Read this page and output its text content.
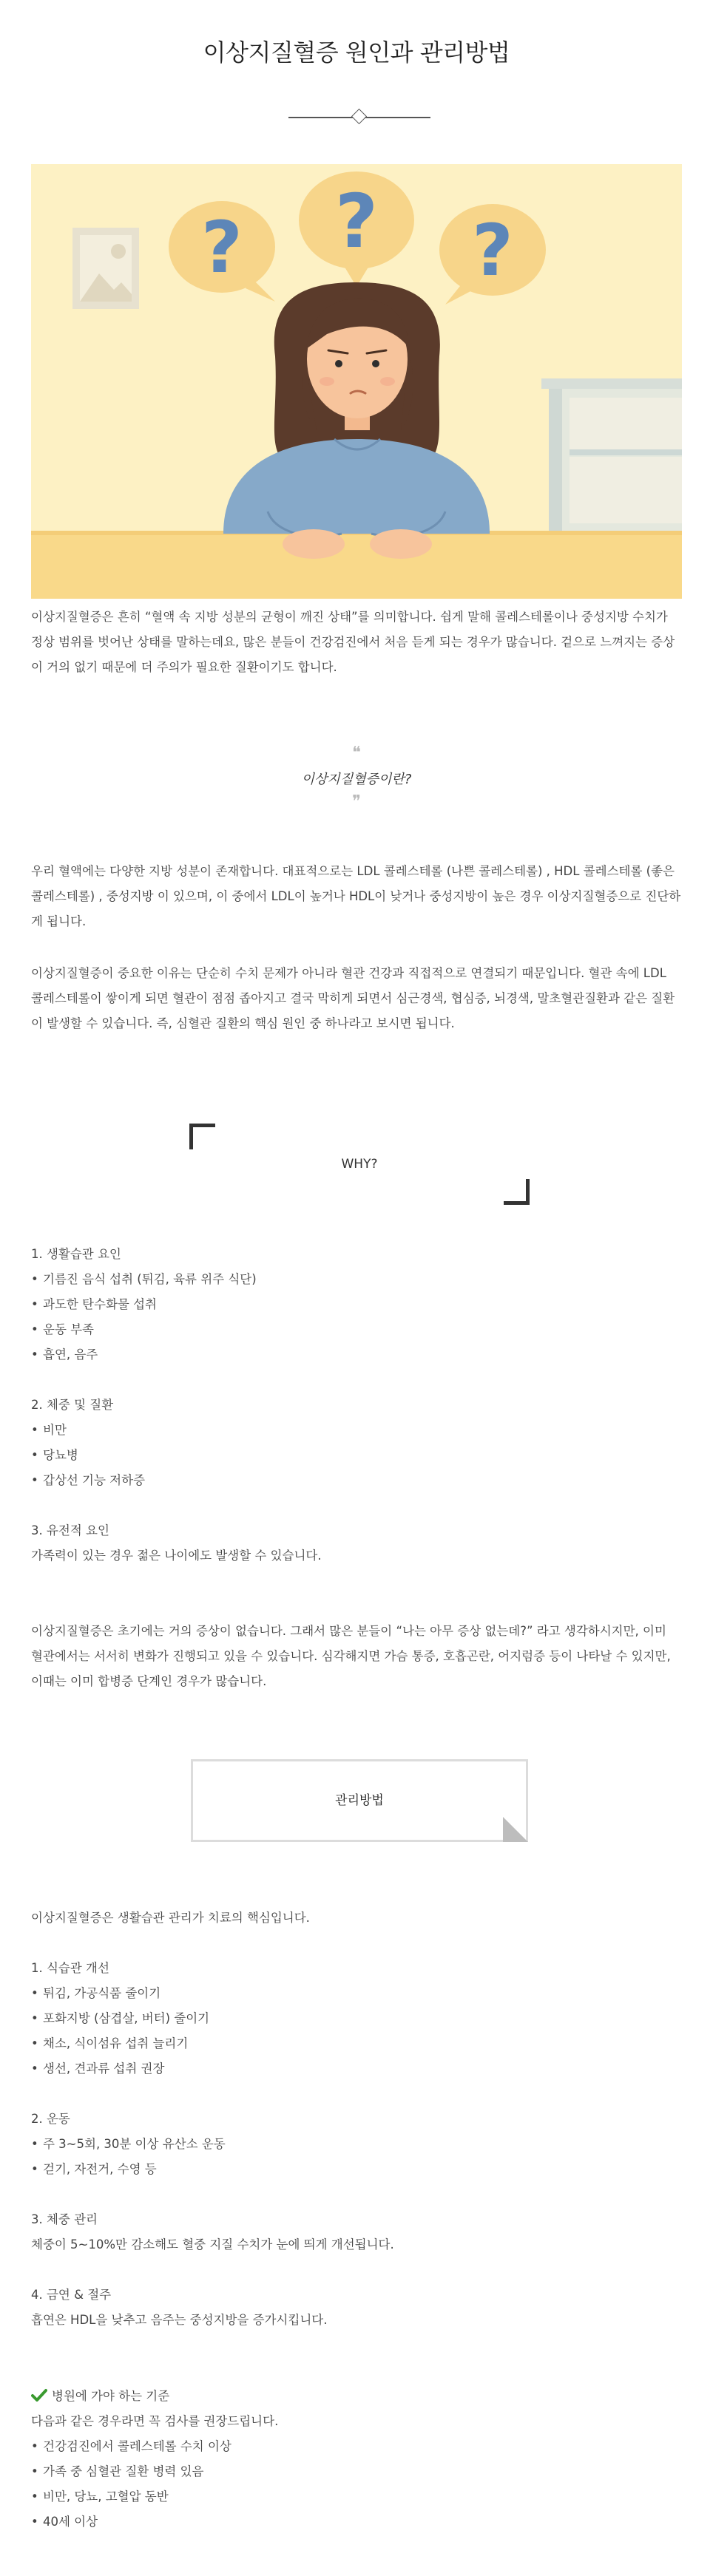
이상지질혈증 원인과 관리방법
? ? ?

이상지질혈증은 흔히 “혈액 속 지방 성분의 균형이 깨진 상태”를 의미합니다. 쉽게 말해 콜레스테롤이나 중성지방 수치가 정상 범위를 벗어난 상태를 말하는데요, 많은 분들이 건강검진에서 처음 듣게 되는 경우가 많습니다. 겉으로 느껴지는 증상이 거의 없기 때문에 더 주의가 필요한 질환이기도 합니다.

❝
이상지질혈증이란?
❞

우리 혈액에는 다양한 지방 성분이 존재합니다. 대표적으로는 LDL 콜레스테롤 (나쁜 콜레스테롤) , HDL 콜레스테롤 (좋은 콜레스테롤) , 중성지방 이 있으며, 이 중에서 LDL이 높거나 HDL이 낮거나 중성지방이 높은 경우 이상지질혈증으로 진단하게 됩니다.

이상지질혈증이 중요한 이유는 단순히 수치 문제가 아니라 혈관 건강과 직접적으로 연결되기 때문입니다. 혈관 속에 LDL 콜레스테롤이 쌓이게 되면 혈관이 점점 좁아지고 결국 막히게 되면서 심근경색, 협심증, 뇌경색, 말초혈관질환과 같은 질환이 발생할 수 있습니다. 즉, 심혈관 질환의 핵심 원인 중 하나라고 보시면 됩니다.

WHY?
1. 생활습관 요인
• 기름진 음식 섭취 (튀김, 육류 위주 식단)
• 과도한 탄수화물 섭취
• 운동 부족
• 흡연, 음주
2. 체중 및 질환
• 비만
• 당뇨병
• 갑상선 기능 저하증
3. 유전적 요인
가족력이 있는 경우 젊은 나이에도 발생할 수 있습니다.

이상지질혈증은 초기에는 거의 증상이 없습니다. 그래서 많은 분들이 “나는 아무 증상 없는데?” 라고 생각하시지만, 이미 혈관에서는 서서히 변화가 진행되고 있을 수 있습니다. 심각해지면 가슴 통증, 호흡곤란, 어지럼증 등이 나타날 수 있지만, 이때는 이미 합병증 단계인 경우가 많습니다.

관리방법
이상지질혈증은 생활습관 관리가 치료의 핵심입니다.
1. 식습관 개선
• 튀김, 가공식품 줄이기
• 포화지방 (삼겹살, 버터) 줄이기
• 채소, 식이섬유 섭취 늘리기
• 생선, 견과류 섭취 권장
2. 운동
• 주 3~5회, 30분 이상 유산소 운동
• 걷기, 자전거, 수영 등
3. 체중 관리
체중이 5~10%만 감소해도 혈중 지질 수치가 눈에 띄게 개선됩니다.
4. 금연 & 절주
흡연은 HDL을 낮추고 음주는 중성지방을 증가시킵니다.
병원에 가야 하는 기준
다음과 같은 경우라면 꼭 검사를 권장드립니다.
• 건강검진에서 콜레스테롤 수치 이상
• 가족 중 심혈관 질환 병력 있음
• 비만, 당뇨, 고혈압 동반
• 40세 이상
